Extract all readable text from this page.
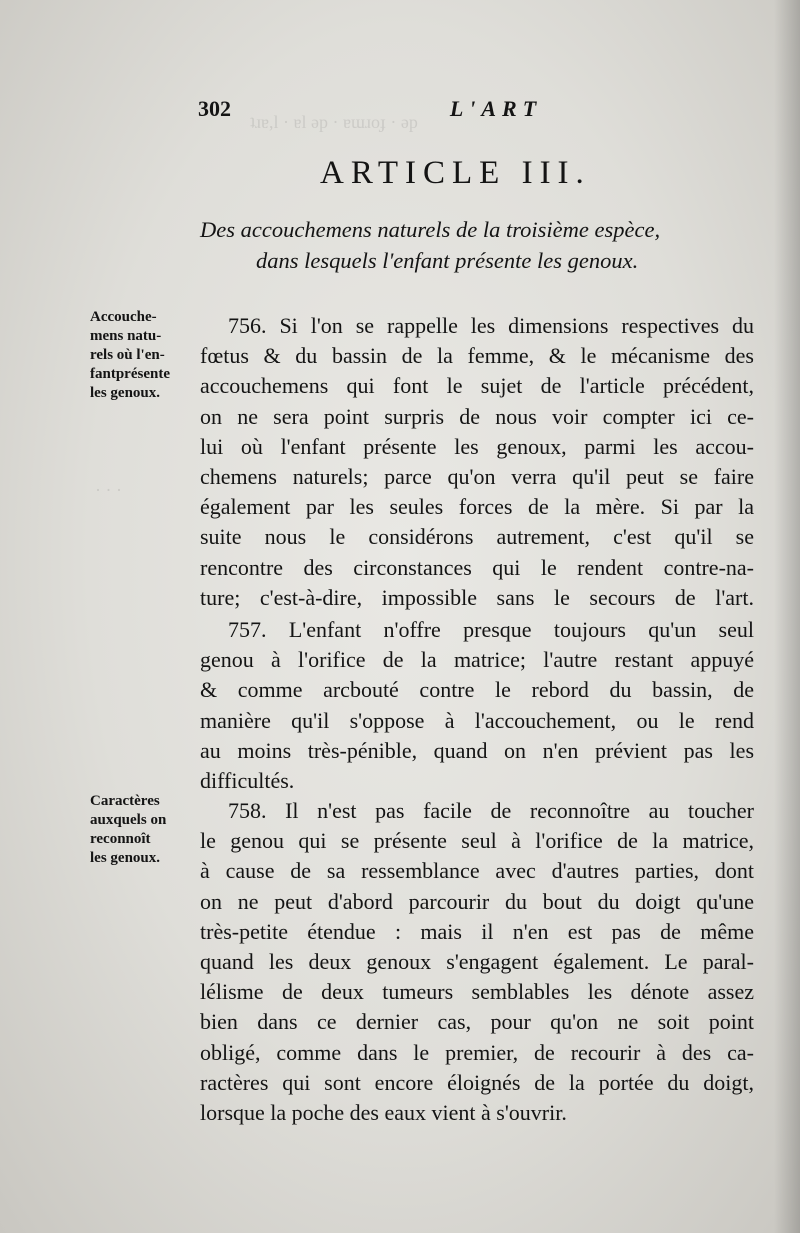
ʇɹɐ,l · ɐl ǝp · ɐɯɹoɟ · ǝp
· · ·
302	L'ART
ARTICLE III.
Des accouchemens naturels de la troisième espèce,
dans lesquels l'enfant présente les genoux.
Accouche-
mens natu-
rels où l'en-
fantprésente
les genoux.
Caractères
auxquels on
reconnoît
les genoux.
756. Si l'on se rappelle les dimensions respectives du
fœtus & du bassin de la femme, & le mécanisme des
accouchemens qui font le sujet de l'article précédent,
on ne sera point surpris de nous voir compter ici ce-
lui où l'enfant présente les genoux, parmi les accou-
chemens naturels; parce qu'on verra qu'il peut se faire
également par les seules forces de la mère. Si par la
suite nous le considérons autrement, c'est qu'il se
rencontre des circonstances qui le rendent contre-na-
ture; c'est-à-dire, impossible sans le secours de l'art.
757. L'enfant n'offre presque toujours qu'un seul
genou à l'orifice de la matrice; l'autre restant appuyé
& comme arcbouté contre le rebord du bassin, de
manière qu'il s'oppose à l'accouchement, ou le rend
au moins très-pénible, quand on n'en prévient pas les
difficultés.
758. Il n'est pas facile de reconnoître au toucher
le genou qui se présente seul à l'orifice de la matrice,
à cause de sa ressemblance avec d'autres parties, dont
on ne peut d'abord parcourir du bout du doigt qu'une
très-petite étendue : mais il n'en est pas de même
quand les deux genoux s'engagent également. Le paral-
lélisme de deux tumeurs semblables les dénote assez
bien dans ce dernier cas, pour qu'on ne soit point
obligé, comme dans le premier, de recourir à des ca-
ractères qui sont encore éloignés de la portée du doigt,
lorsque la poche des eaux vient à s'ouvrir.
